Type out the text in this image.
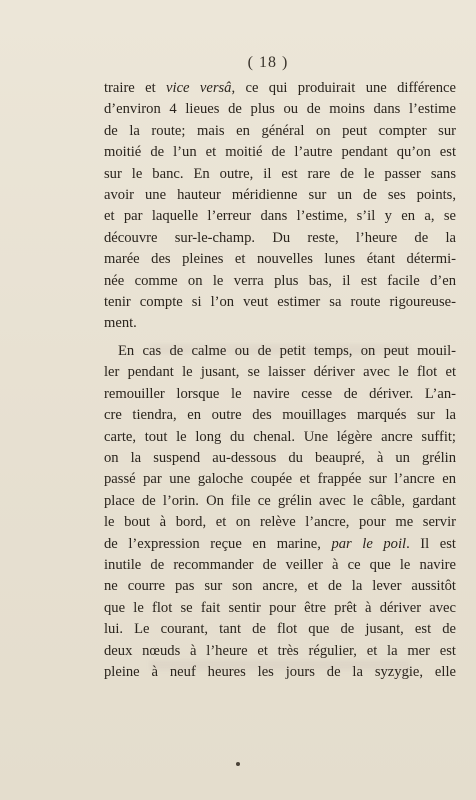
( 18 )
traire et vice versâ, ce qui produirait une différence
d’environ 4 lieues de plus ou de moins dans l’estime
de la route; mais en général on peut compter sur
moitié de l’un et moitié de l’autre pendant qu’on est
sur le banc. En outre, il est rare de le passer sans
avoir une hauteur méridienne sur un de ses points,
et par laquelle l’erreur dans l’estime, s’il y en a, se
découvre sur-le-champ. Du reste, l’heure de la
marée des pleines et nouvelles lunes étant détermi-
née comme on le verra plus bas, il est facile d’en
tenir compte si l’on veut estimer sa route rigoureuse-
ment.
En cas de calme ou de petit temps, on peut mouil-
ler pendant le jusant, se laisser dériver avec le flot et
remouiller lorsque le navire cesse de dériver. L’an-
cre tiendra, en outre des mouillages marqués sur la
carte, tout le long du chenal. Une légère ancre suffit;
on la suspend au-dessous du beaupré, à un grélin
passé par une galoche coupée et frappée sur l’ancre en
place de l’orin. On file ce grélin avec le câble, gardant
le bout à bord, et on relève l’ancre, pour me servir
de l’expression reçue en marine, par le poil. Il est
inutile de recommander de veiller à ce que le navire
ne courre pas sur son ancre, et de la lever aussitôt
que le flot se fait sentir pour être prêt à dériver avec
lui. Le courant, tant de flot que de jusant, est de
deux nœuds à l’heure et très régulier, et la mer est
pleine à neuf heures les jours de la syzygie, elle
